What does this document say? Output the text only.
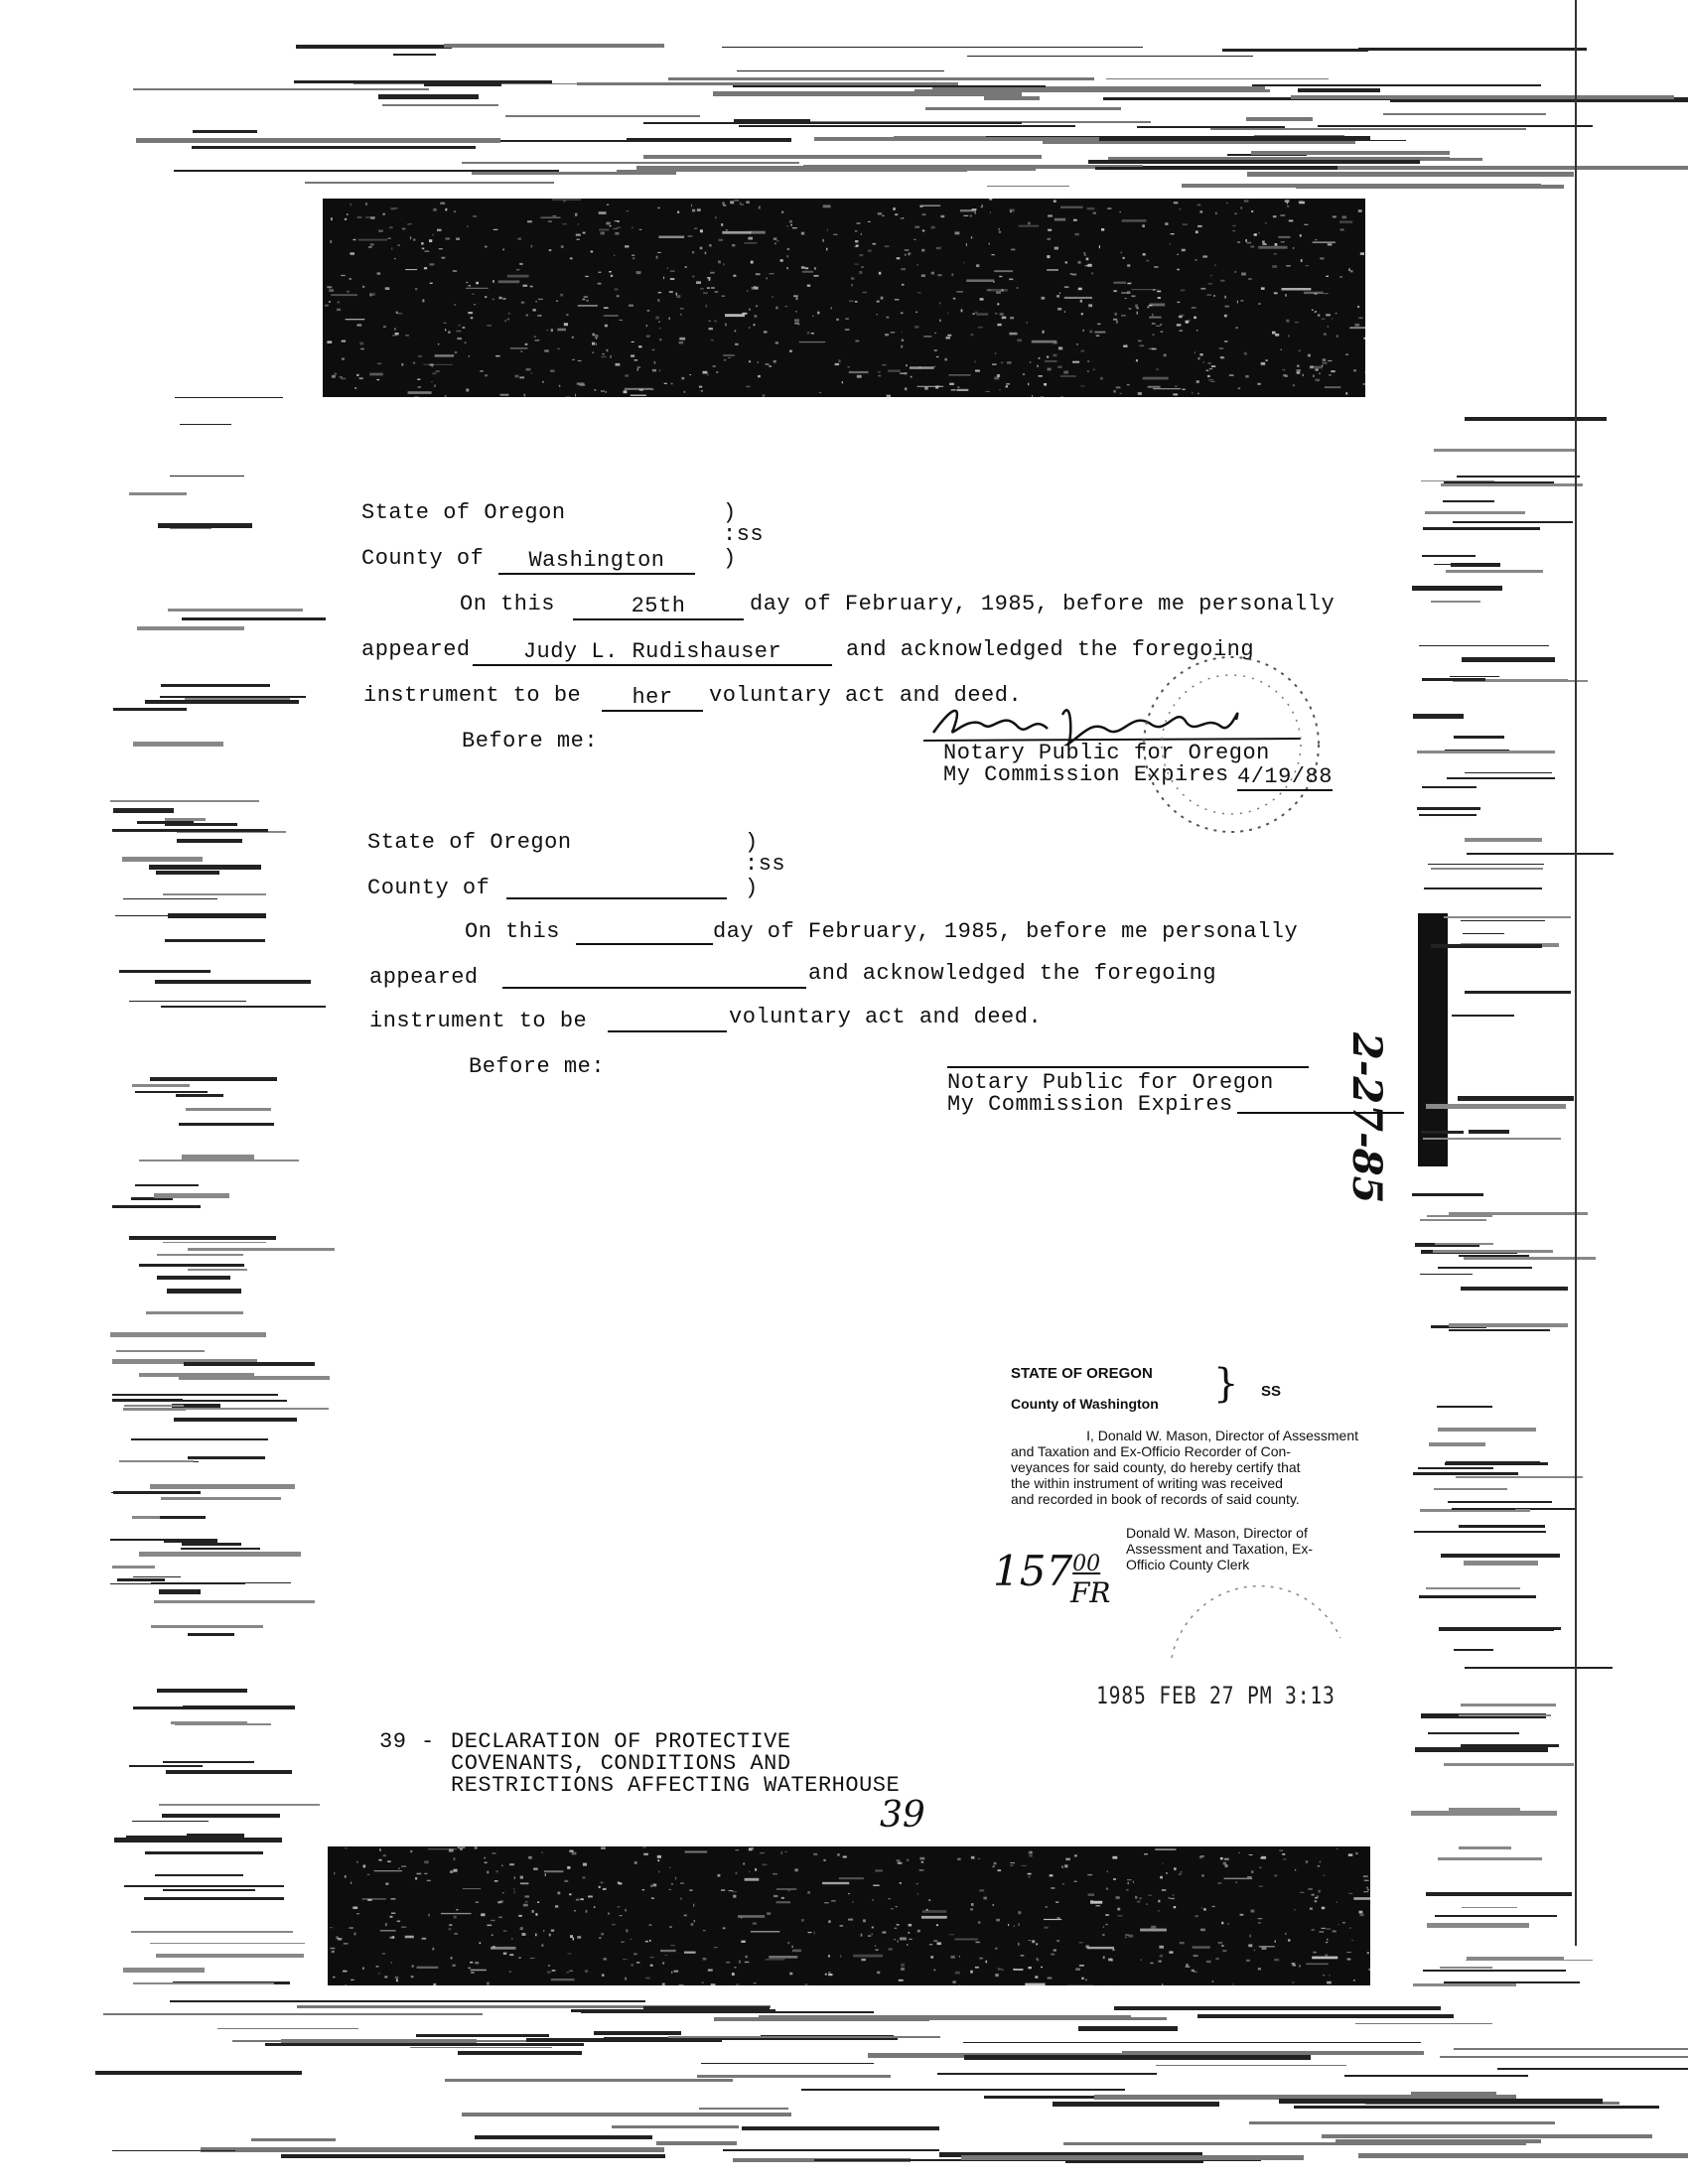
State of Oregon	)
:ss
County of	Washington	)
On this	25th	day of February, 1985, before me personally
appeared	Judy L. Rudishauser	and acknowledged the foregoing
instrument to be	her	voluntary act and deed.
Before me:	Notary Public for Oregon
My Commission Expires 4/19/88
State of Oregon	)
:ss
County of	)
On this	day of February, 1985, before me personally
appeared	and acknowledged the foregoing
instrument to be	voluntary act and deed.
Before me:
Notary Public for Oregon
My Commission Expires	2-27-85
STATE OF OREGON
County of Washington } SS
I, Donald W. Mason, Director of Assessment
and Taxation and Ex-Officio Recorder of Con-
veyances for said county, do hereby certify that
the within instrument of writing was received
and recorded in book of records of said county.
Donald W. Mason, Director of
Assessment and Taxation, Ex-
Officio County Clerk
$157^{00}$
FR
1985 FEB 27 PM 3:13
39 - DECLARATION OF PROTECTIVE
COVENANTS, CONDITIONS AND
RESTRICTIONS AFFECTING WATERHOUSE
39
